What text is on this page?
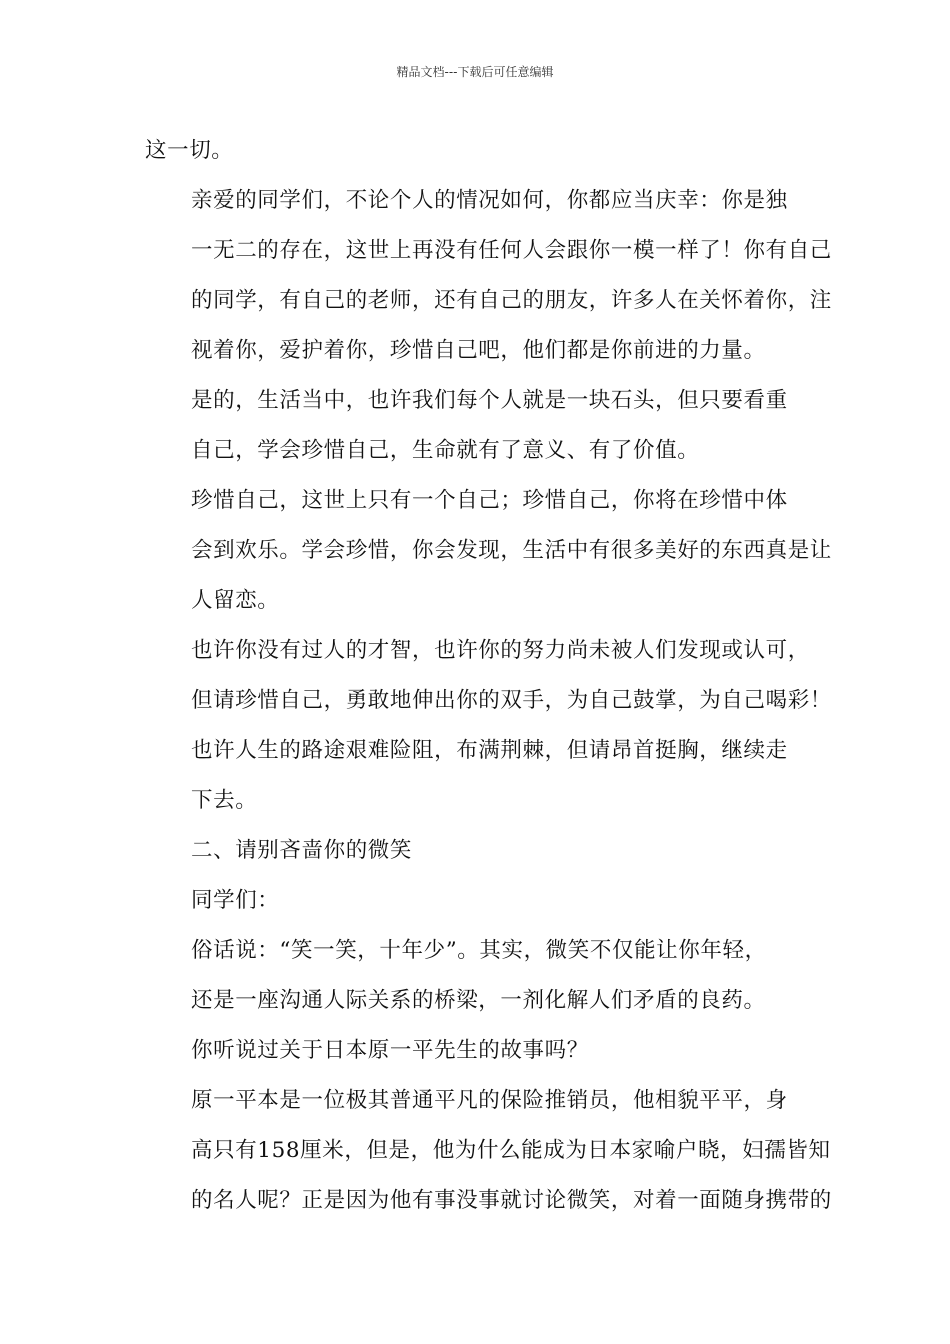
精品文档---下载后可任意编辑
这一切。
亲爱的同学们，不论个人的情况如何，你都应当庆幸：你是独
一无二的存在，这世上再没有任何人会跟你一模一样了！你有自己
的同学，有自己的老师，还有自己的朋友，许多人在关怀着你，注
视着你，爱护着你，珍惜自己吧，他们都是你前进的力量。
是的，生活当中，也许我们每个人就是一块石头，但只要看重
自己，学会珍惜自己，生命就有了意义、有了价值。
珍惜自己，这世上只有一个自己；珍惜自己，你将在珍惜中体
会到欢乐。学会珍惜，你会发现，生活中有很多美好的东西真是让
人留恋。
也许你没有过人的才智，也许你的努力尚未被人们发现或认可，
但请珍惜自己，勇敢地伸出你的双手，为自己鼓掌，为自己喝彩！
也许人生的路途艰难险阻，布满荆棘，但请昂首挺胸，继续走
下去。
二、请别吝啬你的微笑
同学们：
俗话说：“笑一笑，十年少”。其实，微笑不仅能让你年轻，
还是一座沟通人际关系的桥梁，一剂化解人们矛盾的良药。
你听说过关于日本原一平先生的故事吗？
原一平本是一位极其普通平凡的保险推销员，他相貌平平，身
高只有158厘米，但是，他为什么能成为日本家喻户晓，妇孺皆知
的名人呢？正是因为他有事没事就讨论微笑，对着一面随身携带的
